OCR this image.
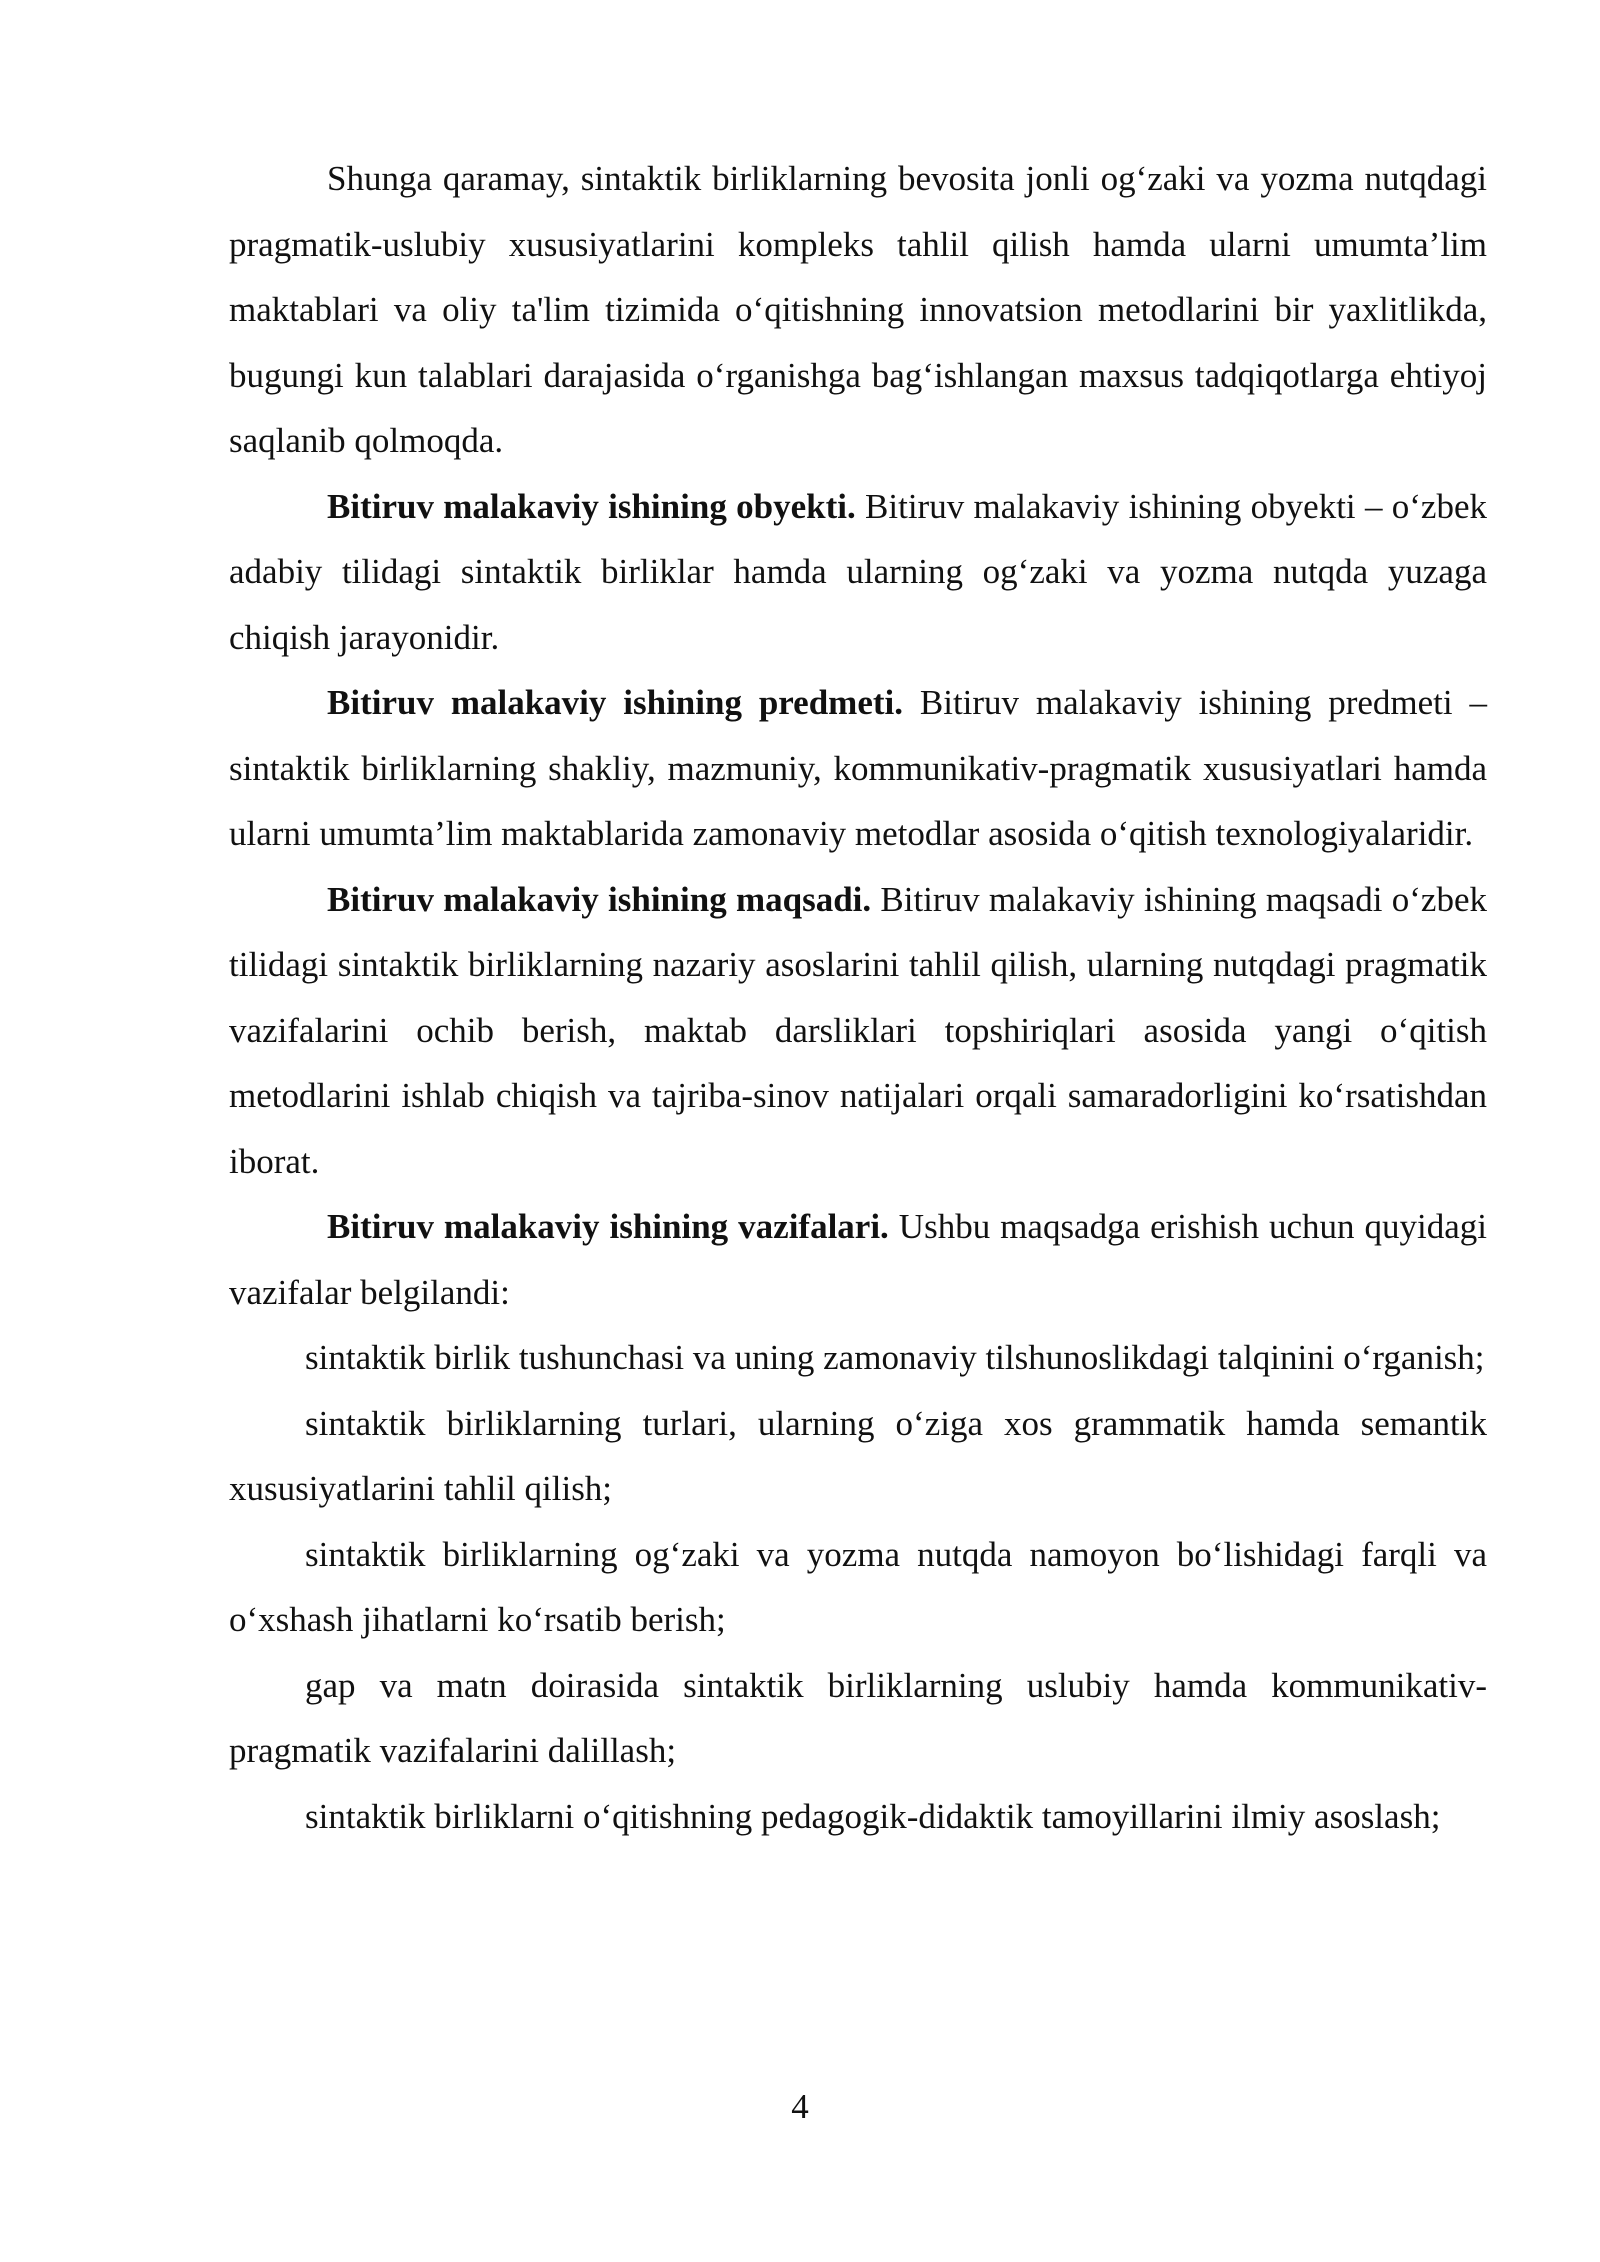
Shunga qaramay, sintaktik birliklarning bevosita jonli og‘zaki va yozma nutqdagi pragmatik-uslubiy xususiyatlarini kompleks tahlil qilish hamda ularni umumta’lim maktablari va oliy ta'lim tizimida o‘qitishning innovatsion metodlarini bir yaxlitlikda, bugungi kun talablari darajasida o‘rganishga bag‘ishlangan maxsus tadqiqotlarga ehtiyoj saqlanib qolmoqda.

Bitiruv malakaviy ishining obyekti. Bitiruv malakaviy ishining obyekti – o‘zbek adabiy tilidagi sintaktik birliklar hamda ularning og‘zaki va yozma nutqda yuzaga chiqish jarayonidir.

Bitiruv malakaviy ishining predmeti. Bitiruv malakaviy ishining predmeti – sintaktik birliklarning shakliy, mazmuniy, kommunikativ-pragmatik xususiyatlari hamda ularni umumta’lim maktablarida zamonaviy metodlar asosida o‘qitish texnologiyalaridir.

Bitiruv malakaviy ishining maqsadi. Bitiruv malakaviy ishining maqsadi o‘zbek tilidagi sintaktik birliklarning nazariy asoslarini tahlil qilish, ularning nutqdagi pragmatik vazifalarini ochib berish, maktab darsliklari topshiriqlari asosida yangi o‘qitish metodlarini ishlab chiqish va tajriba-sinov natijalari orqali samaradorligini ko‘rsatishdan iborat.

Bitiruv malakaviy ishining vazifalari. Ushbu maqsadga erishish uchun quyidagi vazifalar belgilandi:

sintaktik birlik tushunchasi va uning zamonaviy tilshunoslikdagi talqinini o‘rganish;

sintaktik birliklarning turlari, ularning o‘ziga xos grammatik hamda semantik xususiyatlarini tahlil qilish;

sintaktik birliklarning og‘zaki va yozma nutqda namoyon bo‘lishidagi farqli va o‘xshash jihatlarni ko‘rsatib berish;

gap va matn doirasida sintaktik birliklarning uslubiy hamda kommunikativ-pragmatik vazifalarini dalillash;

sintaktik birliklarni o‘qitishning pedagogik-didaktik tamoyillarini ilmiy asoslash;

4
